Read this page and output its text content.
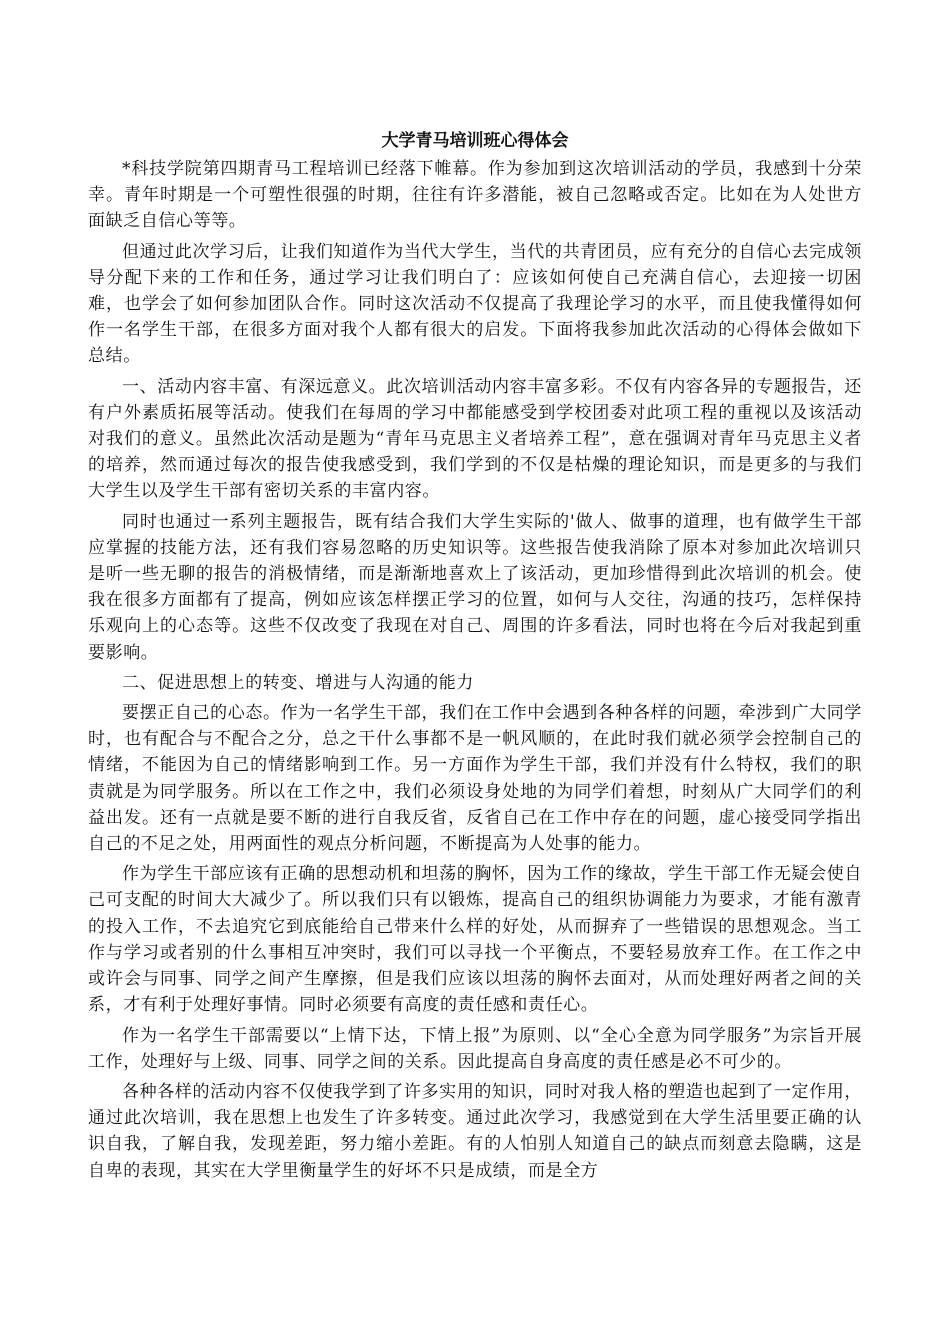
大学青马培训班心得体会

*科技学院第四期青马工程培训已经落下帷幕。作为参加到这次培训活动的学员，我感到十分荣幸。青年时期是一个可塑性很强的时期，往往有许多潜能，被自己忽略或否定。比如在为人处世方面缺乏自信心等等。

但通过此次学习后，让我们知道作为当代大学生，当代的共青团员，应有充分的自信心去完成领导分配下来的工作和任务，通过学习让我们明白了：应该如何使自己充满自信心，去迎接一切困难，也学会了如何参加团队合作。同时这次活动不仅提高了我理论学习的水平，而且使我懂得如何作一名学生干部，在很多方面对我个人都有很大的启发。下面将我参加此次活动的心得体会做如下总结。

一、活动内容丰富、有深远意义。此次培训活动内容丰富多彩。不仅有内容各异的专题报告，还有户外素质拓展等活动。使我们在每周的学习中都能感受到学校团委对此项工程的重视以及该活动对我们的意义。虽然此次活动是题为“青年马克思主义者培养工程”，意在强调对青年马克思主义者的培养，然而通过每次的报告使我感受到，我们学到的不仅是枯燥的理论知识，而是更多的与我们大学生以及学生干部有密切关系的丰富内容。

同时也通过一系列主题报告，既有结合我们大学生实际的'做人、做事的道理，也有做学生干部应掌握的技能方法，还有我们容易忽略的历史知识等。这些报告使我消除了原本对参加此次培训只是听一些无聊的报告的消极情绪，而是渐渐地喜欢上了该活动，更加珍惜得到此次培训的机会。使我在很多方面都有了提高，例如应该怎样摆正学习的位置，如何与人交往，沟通的技巧，怎样保持乐观向上的心态等。这些不仅改变了我现在对自己、周围的许多看法，同时也将在今后对我起到重要影响。

二、促进思想上的转变、增进与人沟通的能力

要摆正自己的心态。作为一名学生干部，我们在工作中会遇到各种各样的问题，牵涉到广大同学时，也有配合与不配合之分，总之干什么事都不是一帆风顺的，在此时我们就必须学会控制自己的情绪，不能因为自己的情绪影响到工作。另一方面作为学生干部，我们并没有什么特权，我们的职责就是为同学服务。所以在工作之中，我们必须设身处地的为同学们着想，时刻从广大同学们的利益出发。还有一点就是要不断的进行自我反省，反省自己在工作中存在的问题，虚心接受同学指出自己的不足之处，用两面性的观点分析问题，不断提高为人处事的能力。

作为学生干部应该有正确的思想动机和坦荡的胸怀，因为工作的缘故，学生干部工作无疑会使自己可支配的时间大大减少了。所以我们只有以锻炼，提高自己的组织协调能力为要求，才能有激青的投入工作，不去追究它到底能给自己带来什么样的好处，从而摒弃了一些错误的思想观念。当工作与学习或者别的什么事相互冲突时，我们可以寻找一个平衡点，不要轻易放弃工作。在工作之中或许会与同事、同学之间产生摩擦，但是我们应该以坦荡的胸怀去面对，从而处理好两者之间的关系，才有利于处理好事情。同时必须要有高度的责任感和责任心。

作为一名学生干部需要以“上情下达，下情上报”为原则、以“全心全意为同学服务”为宗旨开展工作，处理好与上级、同事、同学之间的关系。因此提高自身高度的责任感是必不可少的。

各种各样的活动内容不仅使我学到了许多实用的知识，同时对我人格的塑造也起到了一定作用，通过此次培训，我在思想上也发生了许多转变。通过此次学习，我感觉到在大学生活里要正确的认识自我，了解自我，发现差距，努力缩小差距。有的人怕别人知道自己的缺点而刻意去隐瞒，这是自卑的表现，其实在大学里衡量学生的好坏不只是成绩，而是全方
